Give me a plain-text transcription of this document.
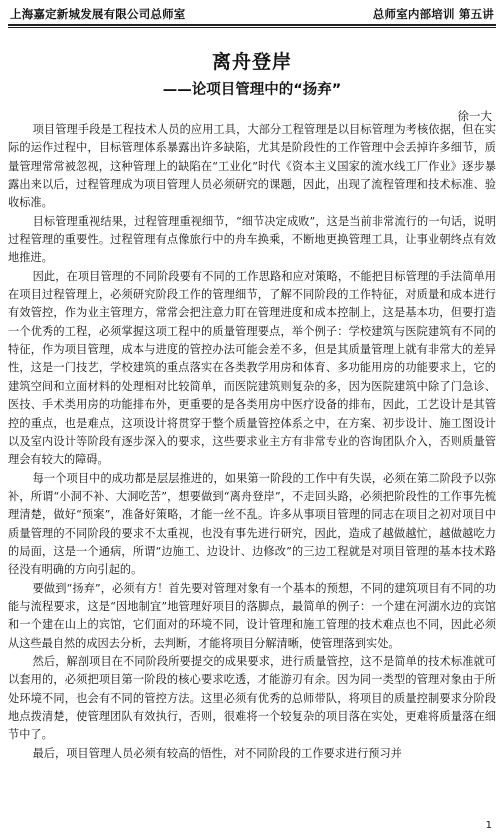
上海嘉定新城发展有限公司总师室	总师室内部培训 第五讲
离舟登岸
——论项目管理中的“扬弃”
徐一大

项目管理手段是工程技术人员的应用工具，大部分工程管理是以目标管理为考核依据，但在实际的运作过程中，目标管理体系暴露出许多缺陷，尤其是阶段性的工作管理中会丢掉许多细节，质量管理常常被忽视，这种管理上的缺陷在“工业化”时代《资本主义国家的流水线工厂作业》逐步暴露出来以后，过程管理成为项目管理人员必须研究的课题，因此，出现了流程管理和技术标准、验收标准。

目标管理重视结果，过程管理重视细节，“细节决定成败”，这是当前非常流行的一句话，说明过程管理的重要性。过程管理有点像旅行中的舟车换乘，不断地更换管理工具，让事业朝终点有效地推进。

因此，在项目管理的不同阶段要有不同的工作思路和应对策略，不能把目标管理的手法简单用在项目过程管理上，必须研究阶段工作的管理细节，了解不同阶段的工作特征，对质量和成本进行有效管控，作为业主管理方，常常会把注意力盯在管理进度和成本控制上，这是基本功，但要打造一个优秀的工程，必须掌握这项工程中的质量管理要点，举个例子：学校建筑与医院建筑有不同的特征，作为项目管理，成本与进度的管控办法可能会差不多，但是其质量管理上就有非常大的差异性，这是一门技艺，学校建筑的重点落实在各类教学用房和体育、多功能用房的功能要求上，它的建筑空间和立面材料的处理相对比较简单，而医院建筑则复杂的多，因为医院建筑中除了门急诊、医技、手术类用房的功能排布外，更重要的是各类用房中医疗设备的排布，因此，工艺设计是其管控的重点，也是难点，这项设计将贯穿于整个质量管控体系之中，在方案、初步设计、施工图设计以及室内设计等阶段有逐步深入的要求，这些要求业主方有非常专业的咨询团队介入，否则质量管理会有较大的障碍。

每一个项目中的成功都是层层推进的，如果第一阶段的工作中有失误，必须在第二阶段予以弥补，所谓“小洞不补、大洞吃苦”，想要做到“离舟登岸”，不走回头路，必须把阶段性的工作事先梳理清楚，做好“预案”，准备好策略，才能一丝不乱。许多从事项目管理的同志在项目之初对项目中质量管理的不同阶段的要求不太重视，也没有事先进行研究，因此，造成了越做越忙，越做越吃力的局面，这是一个通病，所谓“边施工、边设计、边修改”的三边工程就是对项目管理的基本技术路径没有明确的方向引起的。

要做到“扬弃”，必须有方！首先要对管理对象有一个基本的预想，不同的建筑项目有不同的功能与流程要求，这是“因地制宜”地管理好项目的落脚点，最简单的例子：一个建在河湖水边的宾馆和一个建在山上的宾馆，它们面对的环境不同，设计管理和施工管理的技术难点也不同，因此必须从这些最自然的成因去分析，去判断，才能将项目分解清晰，使管理落到实处。

然后，解剖项目在不同阶段所要提交的成果要求，进行质量管控，这不是简单的技术标准就可以套用的，必须把项目第一阶段的核心要求吃透，才能游刃有余。因为同一类型的管理对象由于所处环境不同，也会有不同的管控方法。这里必须有优秀的总师带队，将项目的质量控制要求分阶段地点拨清楚，使管理团队有效执行，否则，很难将一个较复杂的项目落在实处，更难将质量落在细节中了。

最后，项目管理人员必须有较高的悟性，对不同阶段的工作要求进行预习并

1
